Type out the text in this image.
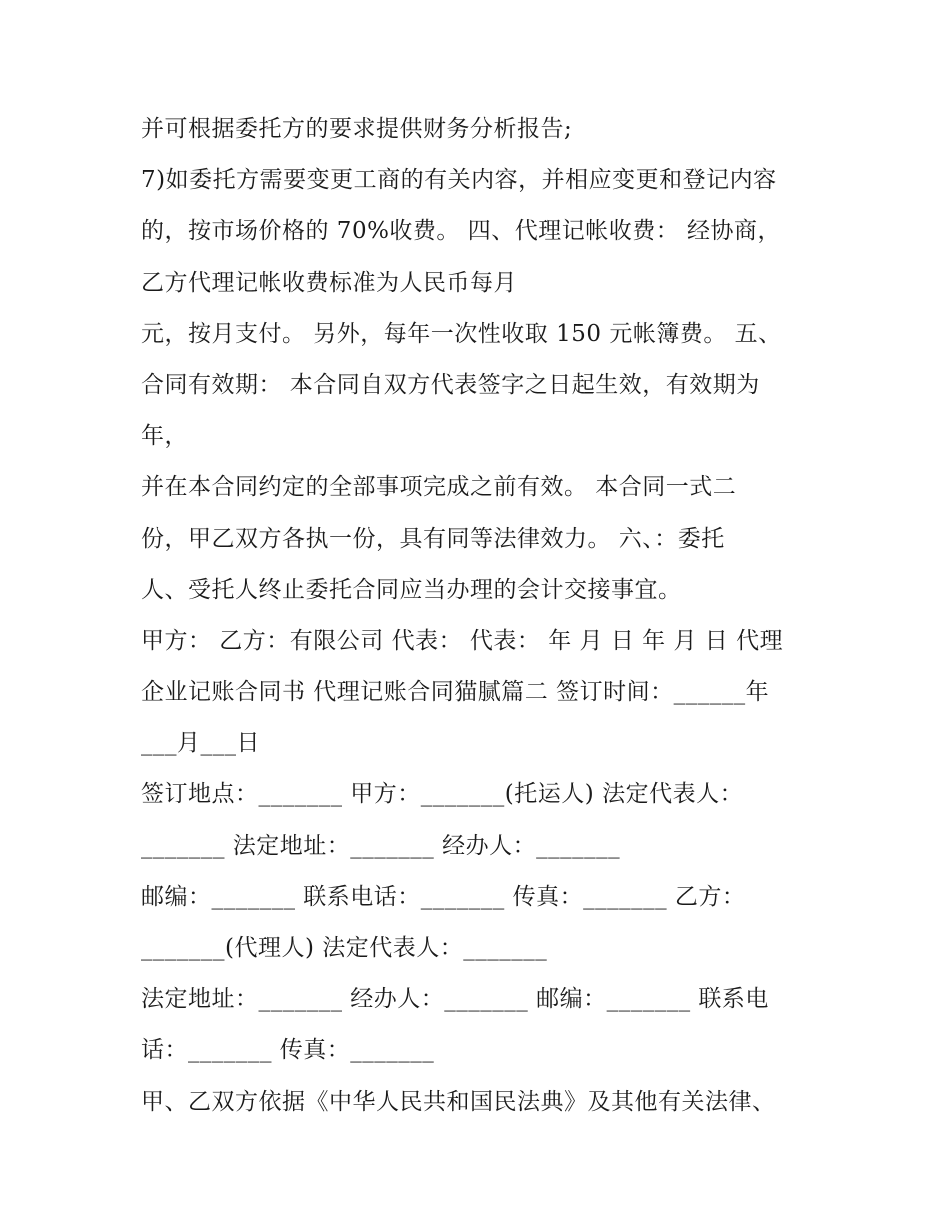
并可根据委托方的要求提供财务分析报告;
7)如委托方需要变更工商的有关内容，并相应变更和登记内容
的，按市场价格的 70%收费。 四、代理记帐收费： 经协商，
乙方代理记帐收费标准为人民币每月
元，按月支付。 另外，每年一次性收取 150 元帐簿费。 五、
合同有效期： 本合同自双方代表签字之日起生效，有效期为
年，
并在本合同约定的全部事项完成之前有效。 本合同一式二
份，甲乙双方各执一份，具有同等法律效力。 六、：委托
人、受托人终止委托合同应当办理的会计交接事宜。
甲方： 乙方：有限公司 代表： 代表： 年 月 日 年 月 日 代理
企业记账合同书 代理记账合同猫腻篇二 签订时间：______年
___月___日
签订地点：_______ 甲方：_______(托运人) 法定代表人：
_______ 法定地址：_______ 经办人：_______
邮编：_______ 联系电话：_______ 传真：_______ 乙方：
_______(代理人) 法定代表人：_______
法定地址：_______ 经办人：_______ 邮编：_______ 联系电
话：_______ 传真：_______
甲、乙双方依据《中华人民共和国民法典》及其他有关法律、
